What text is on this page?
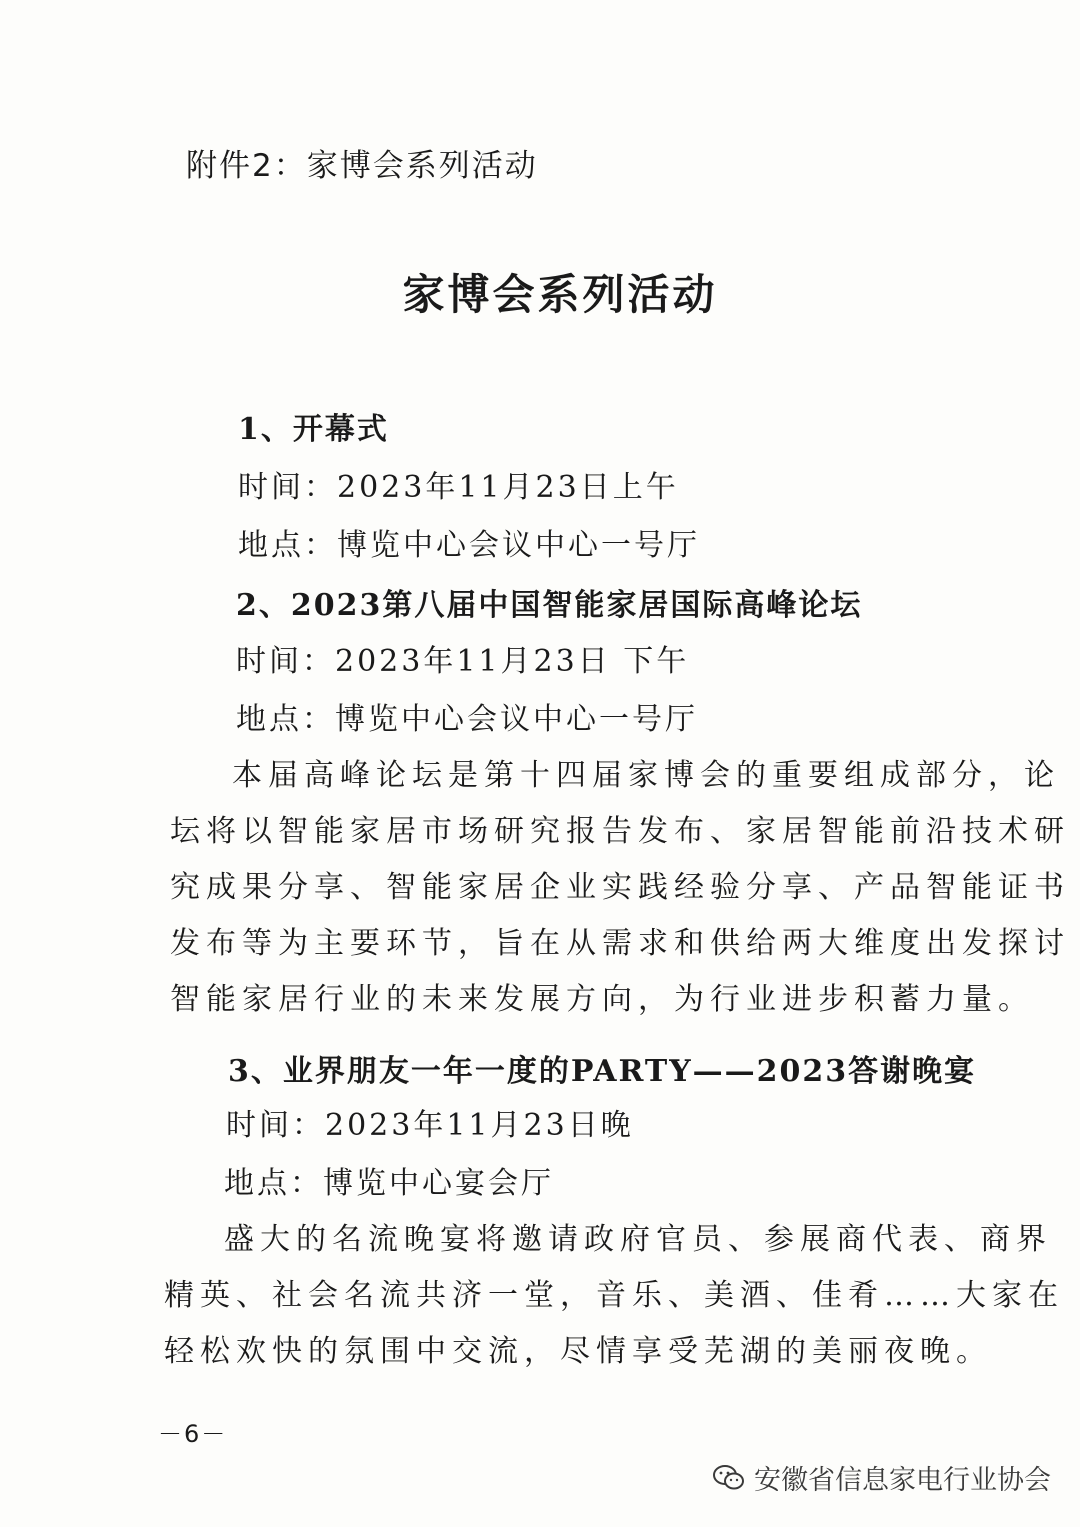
附件2：家博会系列活动
家博会系列活动
1、开幕式
时间：2023年11月23日上午
地点：博览中心会议中心一号厅
2、2023第八届中国智能家居国际高峰论坛
时间：2023年11月23日 下午
地点：博览中心会议中心一号厅
本届高峰论坛是第十四届家博会的重要组成部分，论
坛将以智能家居市场研究报告发布、家居智能前沿技术研
究成果分享、智能家居企业实践经验分享、产品智能证书
发布等为主要环节，旨在从需求和供给两大维度出发探讨
智能家居行业的未来发展方向，为行业进步积蓄力量。
3、业界朋友一年一度的PARTY——2023答谢晚宴
时间：2023年11月23日晚
地点：博览中心宴会厅
盛大的名流晚宴将邀请政府官员、参展商代表、商界
精英、社会名流共济一堂，音乐、美酒、佳肴……大家在
轻松欢快的氛围中交流，尽情享受芜湖的美丽夜晚。
－6－
安徽省信息家电行业协会
